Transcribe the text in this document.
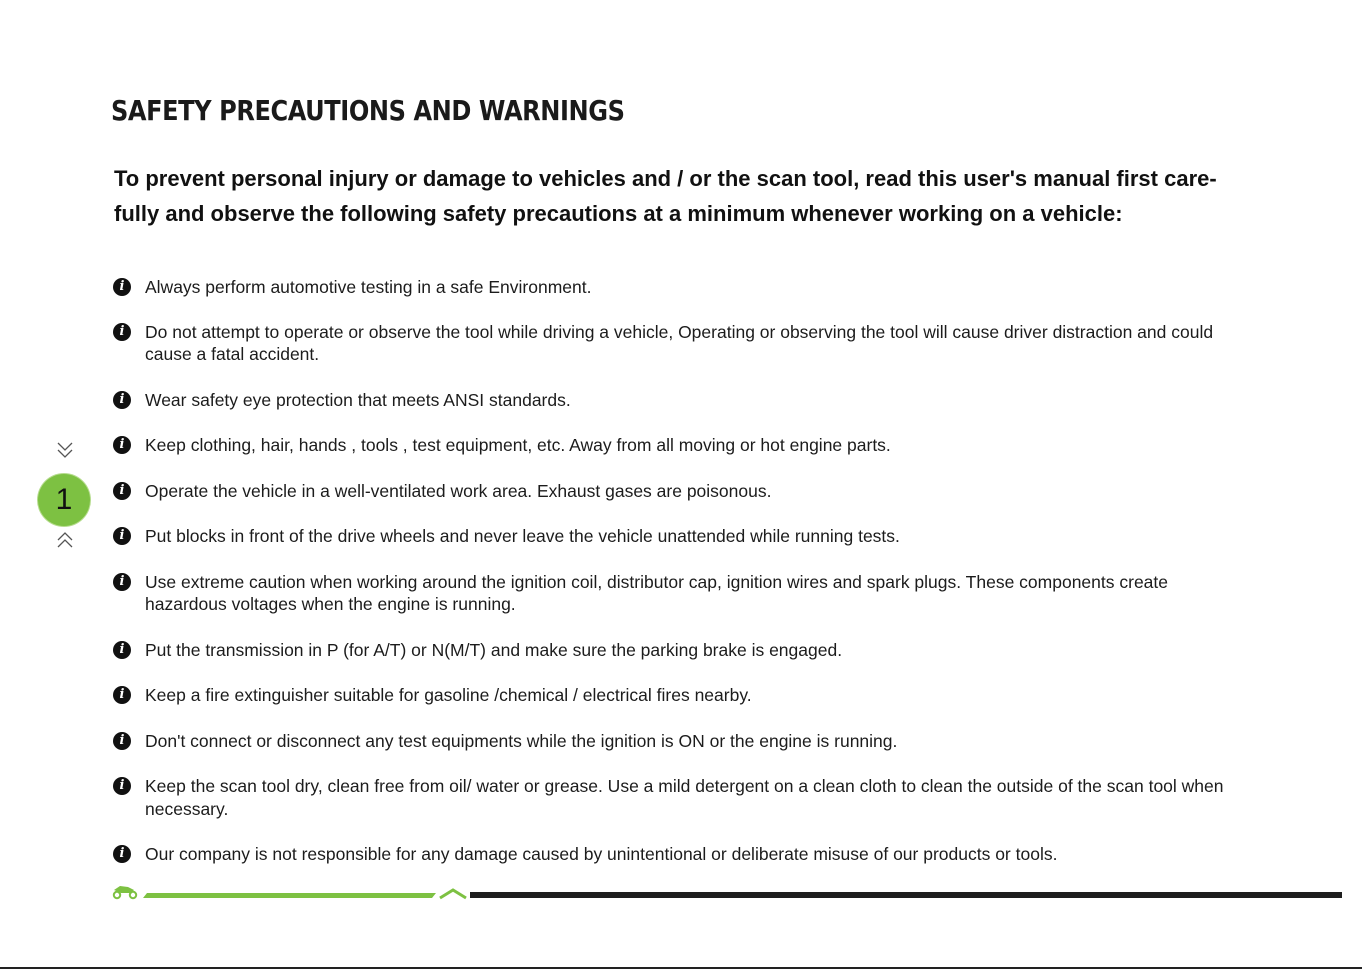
SAFETY PRECAUTIONS AND WARNINGS
To prevent personal injury or damage to vehicles and / or the scan tool, read this user's manual first care-fully and observe the following safety precautions at a minimum whenever working on a vehicle:
i	Always perform automotive testing in a safe Environment.
i	Do not attempt to operate or observe the tool while driving a vehicle, Operating or observing the tool will cause driver distraction and could cause a fatal accident.
i	Wear safety eye protection that meets ANSI standards.
i	Keep clothing, hair, hands , tools , test equipment, etc. Away from all moving or hot engine parts.
i	Operate the vehicle in a well-ventilated work area. Exhaust gases are poisonous.
i	Put blocks in front of the drive wheels and never leave the vehicle unattended while running tests.
i	Use extreme caution when working around the ignition coil, distributor cap, ignition wires and spark plugs. These components create hazardous voltages when the engine is running.
i	Put the transmission in P (for A/T) or N(M/T) and make sure the parking brake is engaged.
i	Keep a fire extinguisher suitable for gasoline /chemical / electrical fires nearby.
i	Don't connect or disconnect any test equipments while the ignition is ON or the engine is running.
i	Keep the scan tool dry, clean free from oil/ water or grease. Use a mild detergent on a clean cloth to clean the outside of the scan tool when necessary.
i	Our company is not responsible for any damage caused by unintentional or deliberate misuse of our products or tools.
1
